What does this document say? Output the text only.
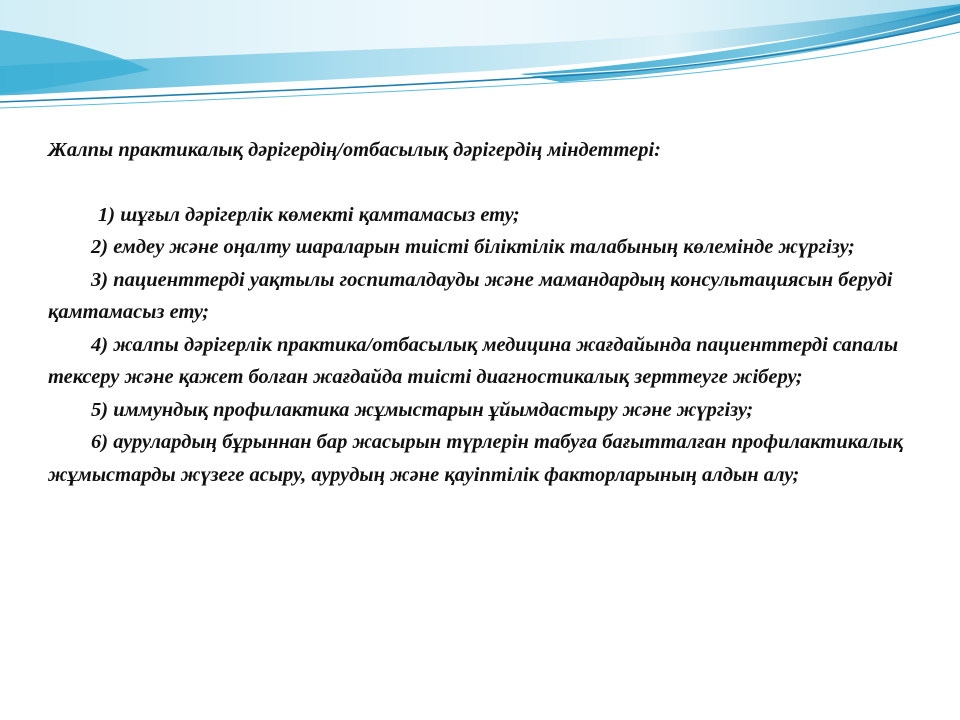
Жалпы практикалық дәрігердің/отбасылық дәрігердің міндеттері:

1) шұғыл дәрігерлік көмекті қамтамасыз ету;

2) емдеу және оңалту шараларын тиісті біліктілік талабының көлемінде жүргізу;

3) пациенттерді уақтылы госпиталдауды және мамандардың консультациясын беруді қамтамасыз ету;

4) жалпы дәрігерлік практика/отбасылық медицина жағдайында пациенттерді сапалы тексеру және қажет болған жағдайда тиісті диагностикалық зерттеуге жіберу;

5) иммундық профилактика жұмыстарын ұйымдастыру және жүргізу;

6) аурулардың бұрыннан бар жасырын түрлерін табуға бағытталған профилактикалық жұмыстарды жүзеге асыру, аурудың және қауіптілік факторларының алдын алу;
